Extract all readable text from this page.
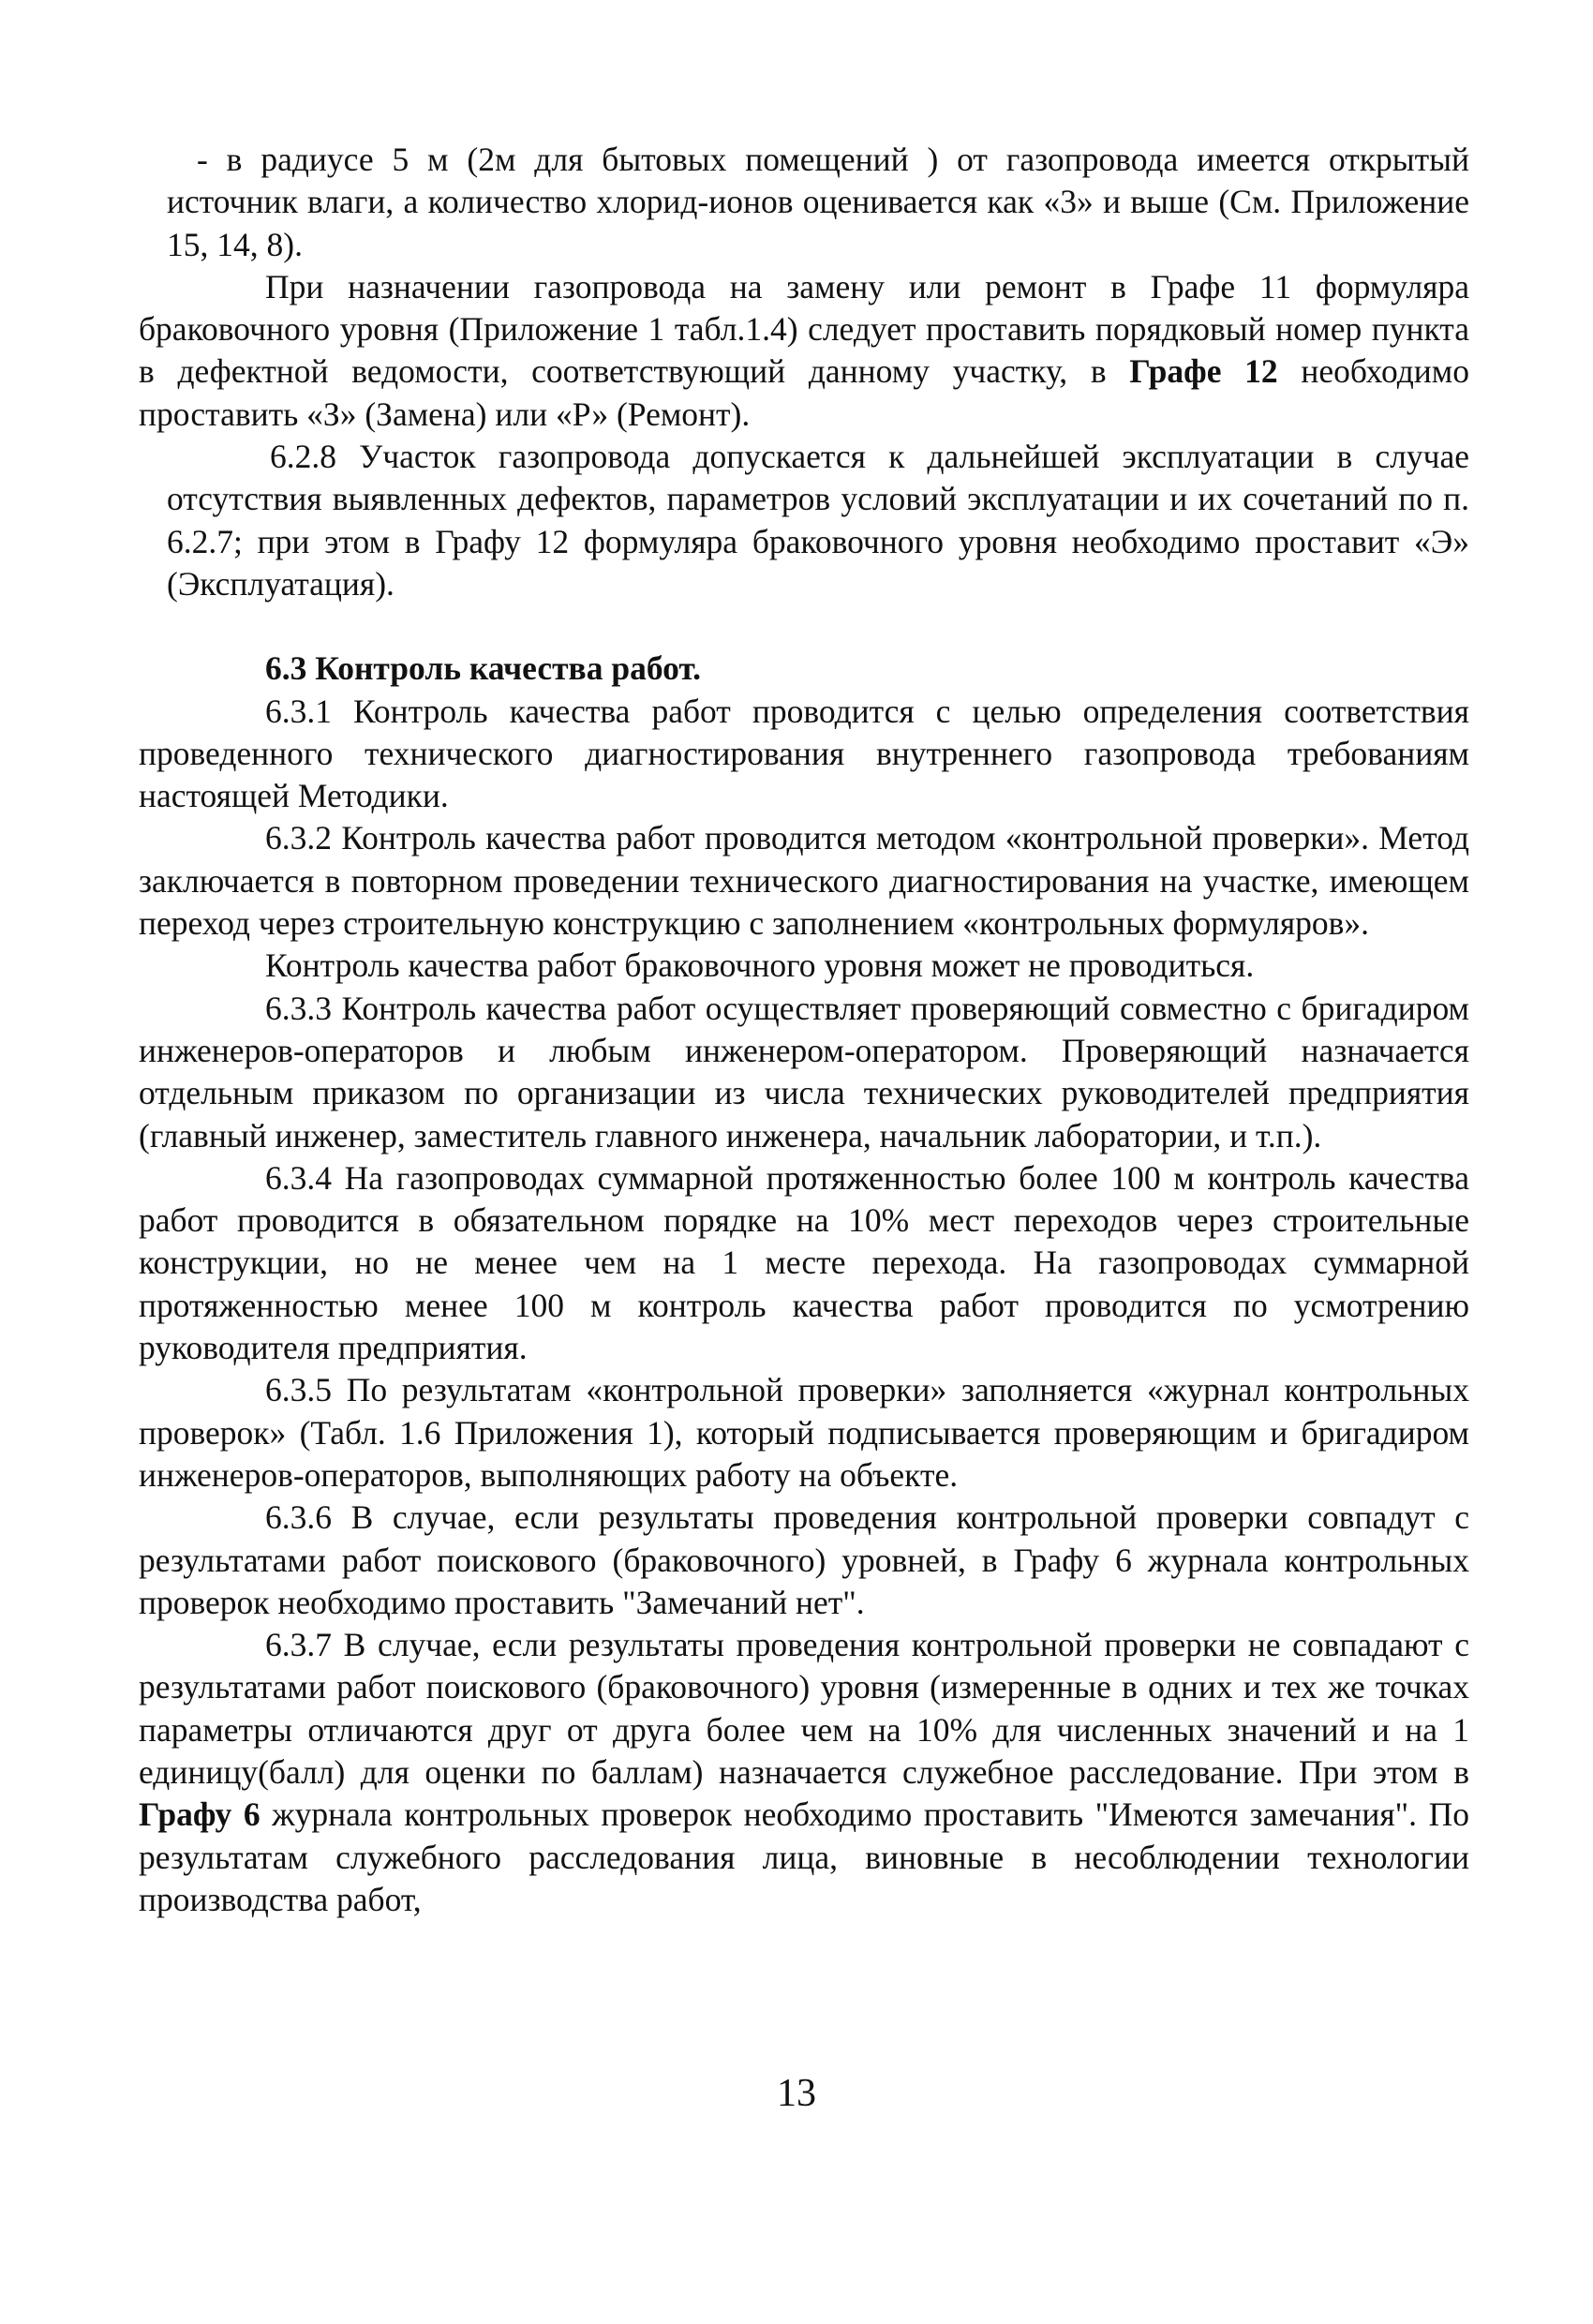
- в радиусе 5 м (2м для бытовых помещений ) от газопровода имеется открытый источник влаги, а количество хлорид-ионов оценивается как «3» и выше (См. Приложение 15, 14, 8).

При назначении газопровода на замену или ремонт в Графе 11 формуляра браковочного уровня (Приложение 1 табл.1.4) следует проставить порядковый номер пункта в дефектной ведомости, соответствующий данному участку, в Графе 12 необходимо проставить «З» (Замена) или «Р» (Ремонт).

6.2.8 Участок газопровода допускается к дальнейшей эксплуатации в случае отсутствия выявленных дефектов, параметров условий эксплуатации и их сочетаний по п. 6.2.7; при этом в Графу 12 формуляра браковочного уровня необходимо проставит «Э» (Эксплуатация).

6.3 Контроль качества работ.

6.3.1 Контроль качества работ проводится с целью определения соответствия проведенного технического диагностирования внутреннего газопровода требованиям настоящей Методики.

6.3.2 Контроль качества работ проводится методом «контрольной проверки». Метод заключается в повторном проведении технического диагностирования на участке, имеющем переход через строительную конструкцию с заполнением «контрольных формуляров».

Контроль качества работ браковочного уровня может не проводиться.

6.3.3 Контроль качества работ осуществляет проверяющий совместно с бригадиром инженеров-операторов и любым инженером-оператором. Проверяющий назначается отдельным приказом по организации из числа технических руководителей предприятия (главный инженер, заместитель главного инженера, начальник лаборатории, и т.п.).

6.3.4 На газопроводах суммарной протяженностью более 100 м контроль качества работ проводится в обязательном порядке на 10% мест переходов через строительные конструкции, но не менее чем на 1 месте перехода. На газопроводах суммарной протяженностью менее 100 м контроль качества работ проводится по усмотрению руководителя предприятия.

6.3.5 По результатам «контрольной проверки» заполняется «журнал контрольных проверок» (Табл. 1.6 Приложения 1), который подписывается проверяющим и бригадиром инженеров-операторов, выполняющих работу на объекте.

6.3.6 В случае, если результаты проведения контрольной проверки совпадут с результатами работ поискового (браковочного) уровней, в Графу 6 журнала контрольных проверок необходимо проставить "Замечаний нет".

6.3.7 В случае, если результаты проведения контрольной проверки не совпадают с результатами работ поискового (браковочного) уровня (измеренные в одних и тех же точках параметры отличаются друг от друга более чем на 10% для численных значений и на 1 единицу(балл) для оценки по баллам) назначается служебное расследование. При этом в Графу 6 журнала контрольных проверок необходимо проставить "Имеются замечания". По результатам служебного расследования лица, виновные в несоблюдении технологии производства работ,

13
